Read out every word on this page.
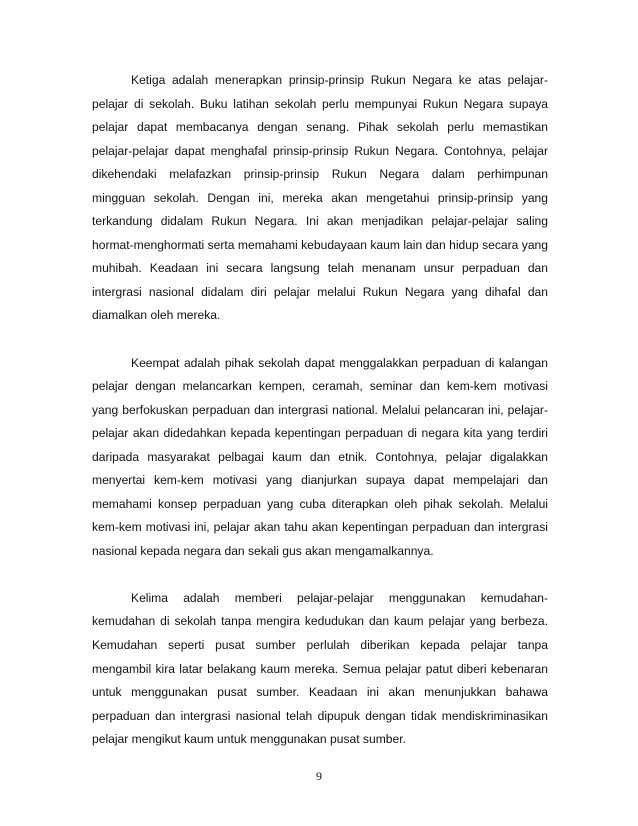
Ketiga adalah menerapkan prinsip-prinsip Rukun Negara ke atas pelajar-pelajar di sekolah. Buku latihan sekolah perlu mempunyai Rukun Negara supaya pelajar dapat membacanya dengan senang. Pihak sekolah perlu memastikan pelajar-pelajar dapat menghafal prinsip-prinsip Rukun Negara. Contohnya, pelajar dikehendaki melafazkan prinsip-prinsip Rukun Negara dalam perhimpunan mingguan sekolah. Dengan ini, mereka akan mengetahui prinsip-prinsip yang terkandung didalam Rukun Negara. Ini akan menjadikan pelajar-pelajar saling hormat-menghormati serta memahami kebudayaan kaum lain dan hidup secara yang muhibah. Keadaan ini secara langsung telah menanam unsur perpaduan dan intergrasi nasional didalam diri pelajar melalui Rukun Negara yang dihafal dan diamalkan oleh mereka.

Keempat adalah pihak sekolah dapat menggalakkan perpaduan di kalangan pelajar dengan melancarkan kempen, ceramah, seminar dan kem-kem motivasi yang berfokuskan perpaduan dan intergrasi national. Melalui pelancaran ini, pelajar-pelajar akan didedahkan kepada kepentingan perpaduan di negara kita yang terdiri daripada masyarakat pelbagai kaum dan etnik. Contohnya, pelajar digalakkan menyertai kem-kem motivasi yang dianjurkan supaya dapat mempelajari dan memahami konsep perpaduan yang cuba diterapkan oleh pihak sekolah. Melalui kem-kem motivasi ini, pelajar akan tahu akan kepentingan perpaduan dan intergrasi nasional kepada negara dan sekali gus akan mengamalkannya.

Kelima adalah memberi pelajar-pelajar menggunakan kemudahan-kemudahan di sekolah tanpa mengira kedudukan dan kaum pelajar yang berbeza. Kemudahan seperti pusat sumber perlulah diberikan kepada pelajar tanpa mengambil kira latar belakang kaum mereka. Semua pelajar patut diberi kebenaran untuk menggunakan pusat sumber. Keadaan ini akan menunjukkan bahawa perpaduan dan intergrasi nasional telah dipupuk dengan tidak mendiskriminasikan pelajar mengikut kaum untuk menggunakan pusat sumber.

9
